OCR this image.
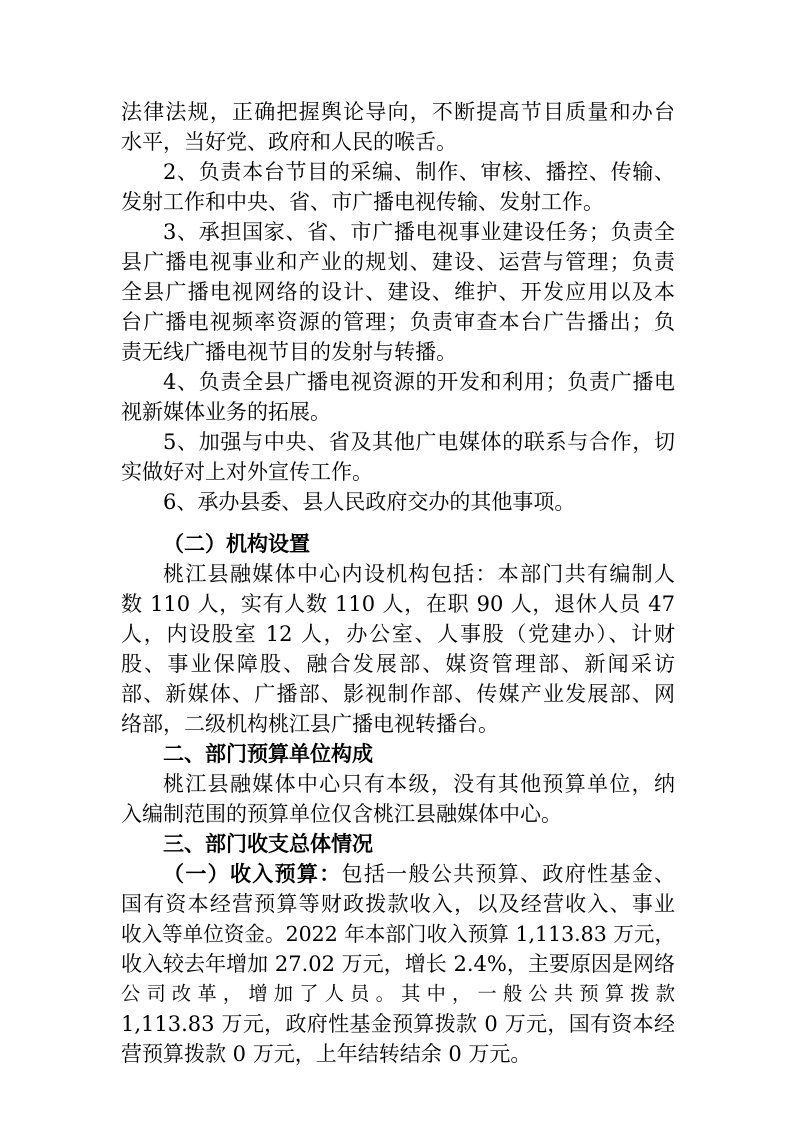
法律法规，正确把握舆论导向，不断提高节目质量和办台
水平，当好党、政府和人民的喉舌。
2、负责本台节目的采编、制作、审核、播控、传输、
发射工作和中央、省、市广播电视传输、发射工作。
3、承担国家、省、市广播电视事业建设任务；负责全
县广播电视事业和产业的规划、建设、运营与管理；负责
全县广播电视网络的设计、建设、维护、开发应用以及本
台广播电视频率资源的管理；负责审查本台广告播出；负
责无线广播电视节目的发射与转播。
4、负责全县广播电视资源的开发和利用；负责广播电
视新媒体业务的拓展。
5、加强与中央、省及其他广电媒体的联系与合作，切
实做好对上对外宣传工作。
6、承办县委、县人民政府交办的其他事项。
（二）机构设置
桃江县融媒体中心内设机构包括：本部门共有编制人
数 110 人，实有人数 110 人，在职 90 人，退休人员 47
人，内设股室 12 人，办公室、人事股（党建办）、计财
股、事业保障股、融合发展部、媒资管理部、新闻采访
部、新媒体、广播部、影视制作部、传媒产业发展部、网
络部，二级机构桃江县广播电视转播台。
二、部门预算单位构成
桃江县融媒体中心只有本级，没有其他预算单位，纳
入编制范围的预算单位仅含桃江县融媒体中心。
三、部门收支总体情况
（一）收入预算：包括一般公共预算、政府性基金、
国有资本经营预算等财政拨款收入，以及经营收入、事业
收入等单位资金。2022 年本部门收入预算 1,113.83 万元，
收入较去年增加 27.02 万元，增长 2.4%，主要原因是网络
公 司 改 革 ， 增 加 了 人 员 。 其 中 ， 一 般 公 共 预 算 拨 款
1,113.83 万元，政府性基金预算拨款 0 万元，国有资本经
营预算拨款 0 万元，上年结转结余 0 万元。
